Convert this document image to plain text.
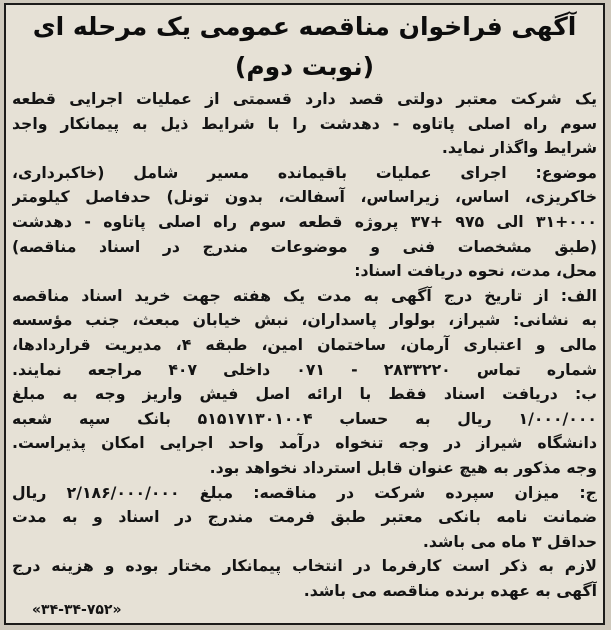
آگهی فراخوان مناقصه عمومی یک مرحله ای (نوبت دوم)
یک شرکت معتبر دولتی قصد دارد قسمتی از عملیات اجرایی قطعه
سوم راه اصلی پاتاوه - دهدشت را با شرایط ذیل به پیمانکار واجد
شرایط واگذار نماید.
موضوع: اجرای عملیات باقیمانده مسیر شامل (خاکبرداری،
خاکریزی، اساس، زیراساس، آسفالت، بدون تونل) حدفاصل کیلومتر
۳۱+۰۰۰ الی ۹۷۵ +۳۷ پروژه قطعه سوم راه اصلی پاتاوه - دهدشت
(طبق مشخصات فنی و موضوعات مندرج در اسناد مناقصه)
محل، مدت، نحوه دریافت اسناد:
الف: از تاریخ درج آگهی به مدت یک هفته جهت خرید اسناد مناقصه
به نشانی: شیراز، بولوار پاسداران، نبش خیابان مبعث، جنب مؤسسه
مالی و اعتباری آرمان، ساختمان امین، طبقه ۴، مدیریت قراردادها،
شماره تماس ۲۸۳۳۲۲۰ - ۰۷۱ داخلی ۴۰۷ مراجعه نمایند.
ب: دریافت اسناد فقط با ارائه اصل فیش واریز وجه به مبلغ
۱/۰۰۰/۰۰۰ ریال به حساب ۵۱۵۱۷۱۳۰۱۰۰۴ بانک سپه شعبه
دانشگاه شیراز در وجه تنخواه درآمد واحد اجرایی امکان پذیراست.
وجه مذکور به هیچ عنوان قابل استرداد نخواهد بود.
ج: میزان سپرده شرکت در مناقصه: مبلغ ۲/۱۸۶/۰۰۰/۰۰۰ ریال
ضمانت نامه بانکی معتبر طبق فرمت مندرج در اسناد و به مدت
حداقل ۳ ماه می باشد.
لازم به ذکر است کارفرما در انتخاب پیمانکار مختار بوده و هزینه درج
آگهی به عهده برنده مناقصه می باشد.
«۳۴-۳۴-۷۵۲»
